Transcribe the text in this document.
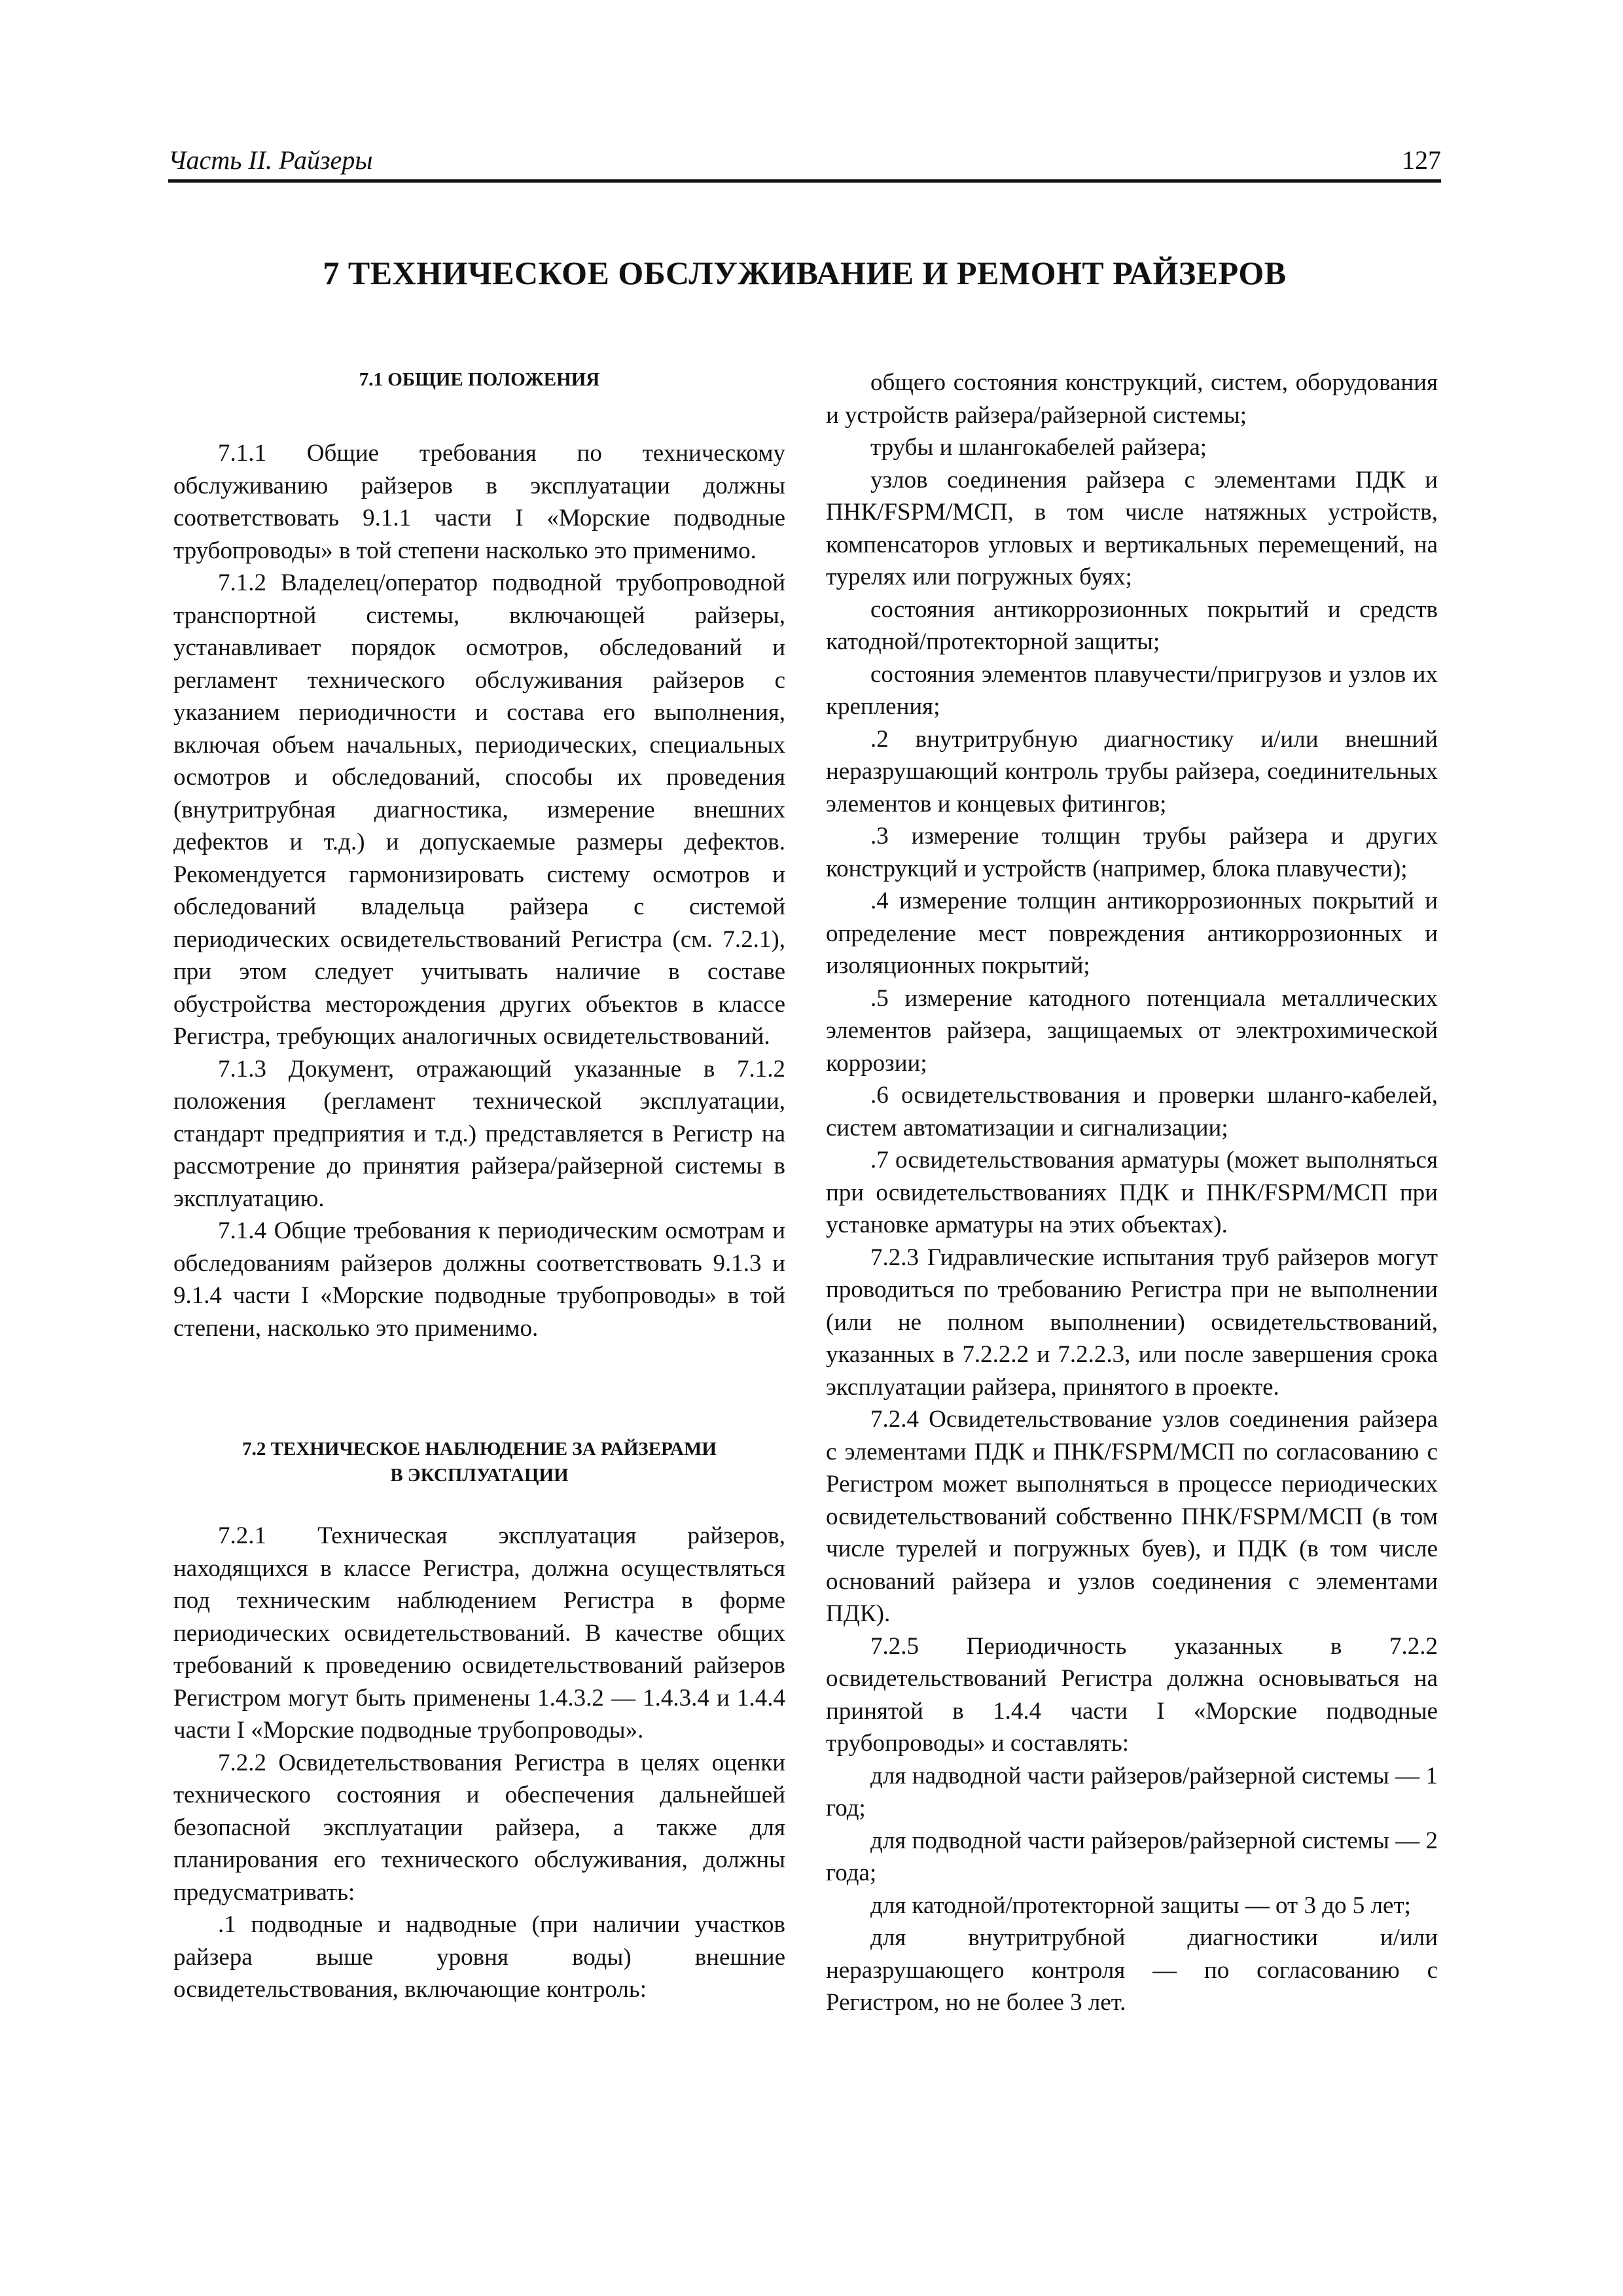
Часть II. Райзеры	127
7 ТЕХНИЧЕСКОЕ ОБСЛУЖИВАНИЕ И РЕМОНТ РАЙЗЕРОВ
7.1 ОБЩИЕ ПОЛОЖЕНИЯ

7.1.1 Общие требования по техническому обслуживанию райзеров в эксплуатации должны соответствовать 9.1.1 части I «Морские подводные трубопроводы» в той степени насколько это применимо.

7.1.2 Владелец/оператор подводной трубопроводной транспортной системы, включающей райзеры, устанавливает порядок осмотров, обследований и регламент технического обслуживания райзеров с указанием периодичности и состава его выполнения, включая объем начальных, периодических, специальных осмотров и обследований, способы их проведения (внутритрубная диагностика, измерение внешних дефектов и т.д.) и допускаемые размеры дефектов. Рекомендуется гармонизировать систему осмотров и обследований владельца райзера с системой периодических освидетельствований Регистра (см. 7.2.1), при этом следует учитывать наличие в составе обустройства месторождения других объектов в классе Регистра, требующих аналогичных освидетельствований.

7.1.3 Документ, отражающий указанные в 7.1.2 положения (регламент технической эксплуатации, стандарт предприятия и т.д.) представляется в Регистр на рассмотрение до принятия райзера/райзерной системы в эксплуатацию.

7.1.4 Общие требования к периодическим осмотрам и обследованиям райзеров должны соответствовать 9.1.3 и 9.1.4 части I «Морские подводные трубопроводы» в той степени, насколько это применимо.

7.2 ТЕХНИЧЕСКОЕ НАБЛЮДЕНИЕ ЗА РАЙЗЕРАМИ
В ЭКСПЛУАТАЦИИ

7.2.1 Техническая эксплуатация райзеров, находящихся в классе Регистра, должна осуществляться под техническим наблюдением Регистра в форме периодических освидетельствований. В качестве общих требований к проведению освидетельствований райзеров Регистром могут быть применены 1.4.3.2 — 1.4.3.4 и 1.4.4 части I «Морские подводные трубопроводы».

7.2.2 Освидетельствования Регистра в целях оценки технического состояния и обеспечения дальнейшей безопасной эксплуатации райзера, а также для планирования его технического обслуживания, должны предусматривать:

.1 подводные и надводные (при наличии участков райзера выше уровня воды) внешние освидетельствования, включающие контроль:

общего состояния конструкций, систем, оборудования и устройств райзера/райзерной системы;

трубы и шлангокабелей райзера;

узлов соединения райзера с элементами ПДК и ПНК/FSPM/МСП, в том числе натяжных устройств, компенсаторов угловых и вертикальных перемещений, на турелях или погружных буях;

состояния антикоррозионных покрытий и средств катодной/протекторной защиты;

состояния элементов плавучести/пригрузов и узлов их крепления;

.2 внутритрубную диагностику и/или внешний неразрушающий контроль трубы райзера, соединительных элементов и концевых фитингов;

.3 измерение толщин трубы райзера и других конструкций и устройств (например, блока плавучести);

.4 измерение толщин антикоррозионных покрытий и определение мест повреждения антикоррозионных и изоляционных покрытий;

.5 измерение катодного потенциала металлических элементов райзера, защищаемых от электрохимической коррозии;

.6 освидетельствования и проверки шланго-кабелей, систем автоматизации и сигнализации;

.7 освидетельствования арматуры (может выполняться при освидетельствованиях ПДК и ПНК/FSPM/МСП при установке арматуры на этих объектах).

7.2.3 Гидравлические испытания труб райзеров могут проводиться по требованию Регистра при не выполнении (или не полном выполнении) освидетельствований, указанных в 7.2.2.2 и 7.2.2.3, или после завершения срока эксплуатации райзера, принятого в проекте.

7.2.4 Освидетельствование узлов соединения райзера с элементами ПДК и ПНК/FSPM/МСП по согласованию с Регистром может выполняться в процессе периодических освидетельствований собственно ПНК/FSPM/МСП (в том числе турелей и погружных буев), и ПДК (в том числе оснований райзера и узлов соединения с элементами ПДК).

7.2.5 Периодичность указанных в 7.2.2 освидетельствований Регистра должна основываться на принятой в 1.4.4 части I «Морские подводные трубопроводы» и составлять:

для надводной части райзеров/райзерной системы — 1 год;

для подводной части райзеров/райзерной системы — 2 года;

для катодной/протекторной защиты — от 3 до 5 лет;

для внутритрубной диагностики и/или неразрушающего контроля — по согласованию с Регистром, но не более 3 лет.
